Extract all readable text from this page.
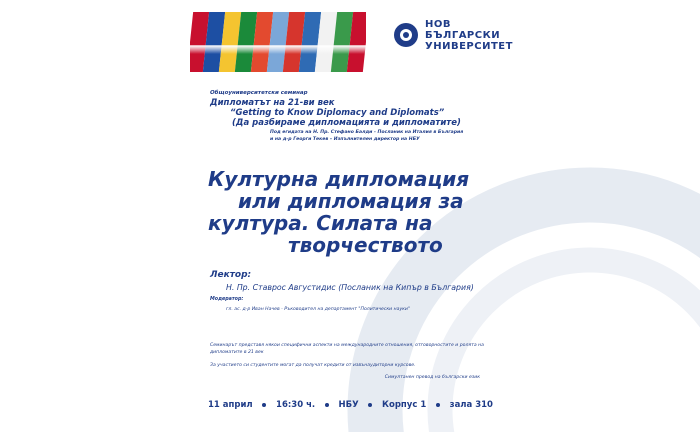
НОВ
БЪЛГАРСКИ
УНИВЕРСИТЕТ

Общоуниверситетски семинар

Дипломатът на 21-ви век

“Getting to Know Diplomacy and Diplomats”

(Да разбираме дипломацията и дипломатите)

Под егидата на Н. Пр. Стефано Балди - Посланик на Италия в България

и на д-р Георги Текев – Изпълнителен директор на НБУ

Културна дипломация
или дипломация за
култура. Силата на
творчеството

Лектор:

Н. Пр. Ставрос Августидис (Посланик на Кипър в България)

Модератор:

гл. ас. д-р Иван Начев - Ръководител на департамент "Политически науки"

Семинарът представя някои специфични аспекти на международните отношения, отговорностите и ролята на дипломатите в 21 век
За участието си студентите могат да получат кредити от извънаудиторни курсове.
Симултанен превод на български език
11 април	16:30 ч.	НБУ	Корпус 1	зала 310
